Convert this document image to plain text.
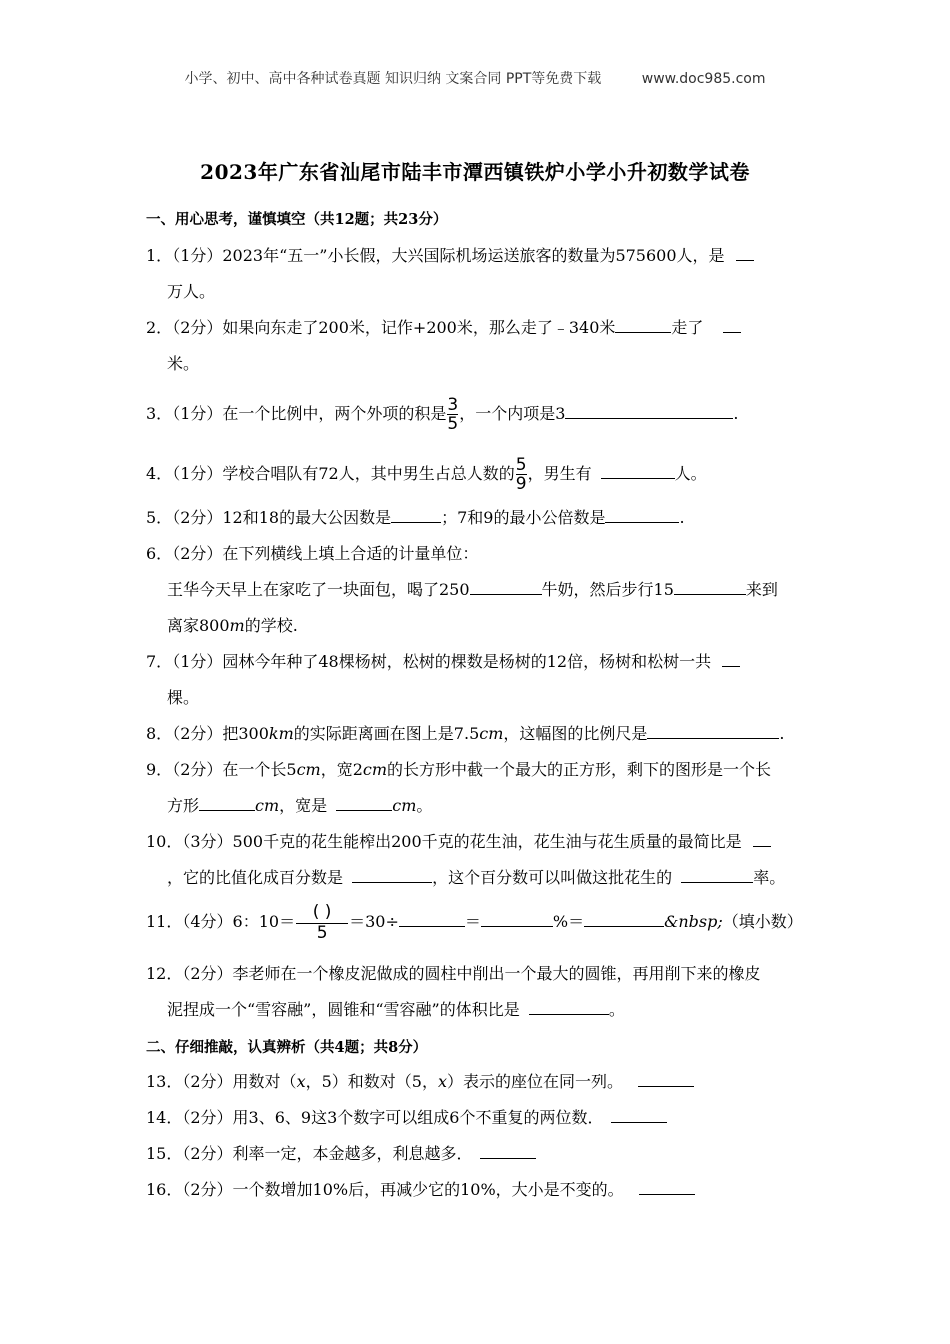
小学、初中、高中各种试卷真题 知识归纳 文案合同 PPT等免费下载	www.doc985.com
2023年广东省汕尾市陆丰市潭西镇铁炉小学小升初数学试卷
一、用心思考，谨慎填空（共12题；共23分）
1．（1分）2023年“五一”小长假，大兴国际机场运送旅客的数量为575600人，是
万人。
2．（2分）如果向东走了200米，记作+200米，那么走了﹣340米	走了
米。
3．（1分）在一个比例中，两个外项的积是 $\frac{3}{5}$ ，一个内项是3	.
4．（1分）学校合唱队有72人，其中男生占总人数的 $\frac{5}{9}$ ，男生有	人。
5．（2分）12和18的最大公因数是	；7和9的最小公倍数是	.
6．（2分）在下列横线上填上合适的计量单位：
王华今天早上在家吃了一块面包，喝了250	牛奶，然后步行15	来到
离家800m的学校.
7．（1分）园林今年种了48棵杨树，松树的棵数是杨树的12倍，杨树和松树一共
棵。
8．（2分）把300km的实际距离画在图上是7.5cm，这幅图的比例尺是	.
9．（2分）在一个长5cm，宽2cm的长方形中截一个最大的正方形，剩下的图形是一个长
方形	cm，宽是	cm。
10．（3分）500千克的花生能榨出200千克的花生油，花生油与花生质量的最简比是
，它的比值化成百分数是	，这个百分数可以叫做这批花生的	率。
11．（4分）6：$10= \frac{( )}{5} =30\div$	＝	%＝	&nbsp;（填小数）
12．（2分）李老师在一个橡皮泥做成的圆柱中削出一个最大的圆锥，再用削下来的橡皮
泥捏成一个“雪容融”，圆锥和“雪容融”的体积比是	。
二、仔细推敲，认真辨析（共4题；共8分）
13．（2分）用数对（x，5）和数对（5，x）表示的座位在同一列。
14．（2分）用3、6、9这3个数字可以组成6个不重复的两位数．
15．（2分）利率一定，本金越多，利息越多．
16．（2分）一个数增加10%后，再减少它的10%，大小是不变的。
